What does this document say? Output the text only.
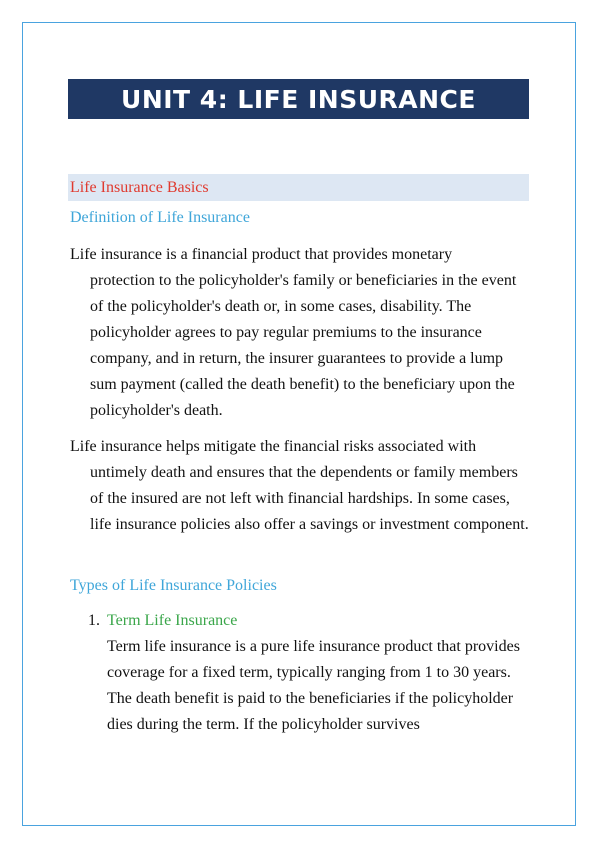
UNIT 4: LIFE INSURANCE
Life Insurance Basics
Definition of Life Insurance
Life insurance is a financial product that provides monetary
protection to the policyholder's family or beneficiaries in the event of the policyholder's death or, in some cases, disability. The policyholder agrees to pay regular premiums to the insurance company, and in return, the insurer guarantees to provide a lump sum payment (called the death benefit) to the beneficiary upon the policyholder's death.
Life insurance helps mitigate the financial risks associated with
untimely death and ensures that the dependents or family members of the insured are not left with financial hardships. In some cases, life insurance policies also offer a savings or investment component.
Types of Life Insurance Policies
1. Term Life Insurance
Term life insurance is a pure life insurance product that provides coverage for a fixed term, typically ranging from 1 to 30 years. The death benefit is paid to the beneficiaries if the policyholder dies during the term. If the policyholder survives
